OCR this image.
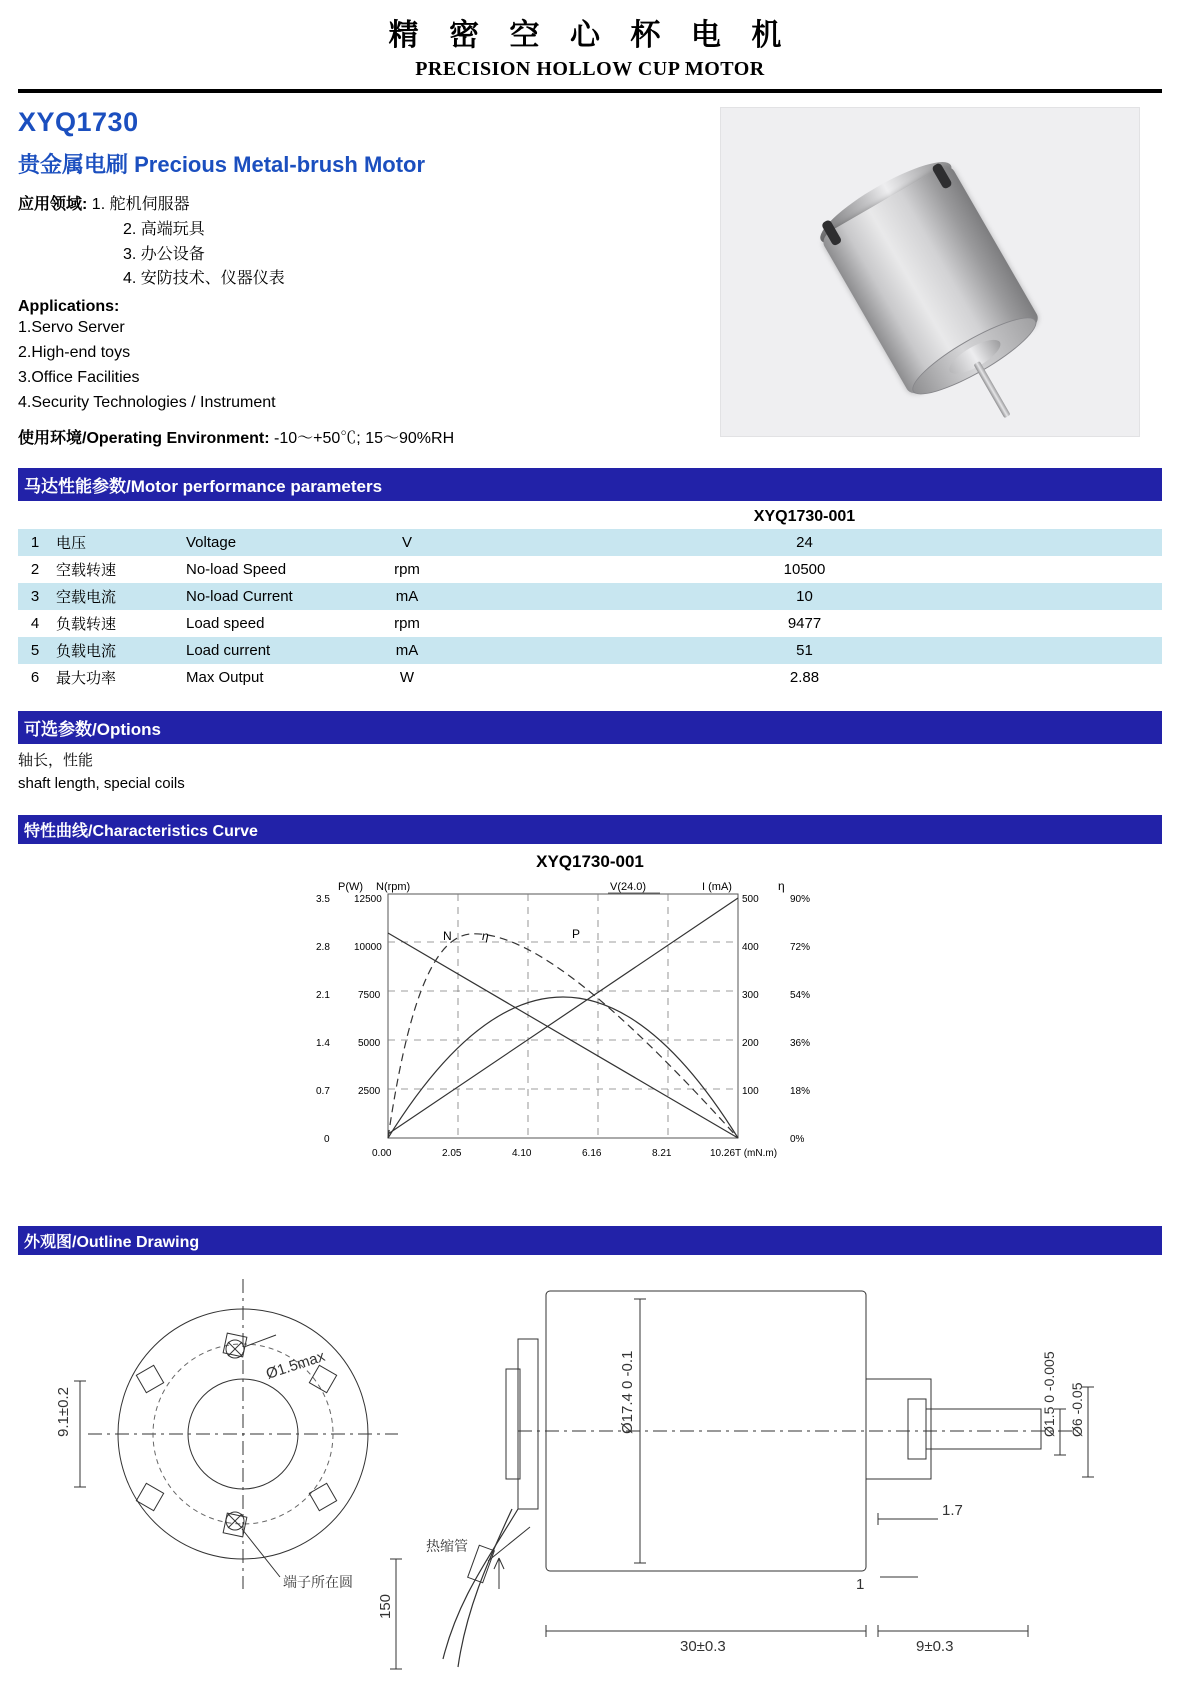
精 密 空 心 杯 电 机
PRECISION HOLLOW CUP MOTOR
XYQ1730
贵金属电刷 Precious Metal-brush Motor
应用领域: 1. 舵机伺服器
2. 高端玩具
3. 办公设备
4. 安防技术、仪器仪表
Applications:
1.Servo Server
2.High-end toys
3.Office Facilities
4.Security Technologies / Instrument
使用环境/Operating Environment: -10～+50℃; 15～90%RH
马达性能参数/Motor performance parameters
				XYQ1730-001
1	电压	Voltage	V	24
2	空载转速	No-load Speed	rpm	10500
3	空载电流	No-load Current	mA	10
4	负载转速	Load speed	rpm	9477
5	负载电流	Load current	mA	51
6	最大功率	Max Output	W	2.88
可选参数/Options
轴长，性能
shaft length, special coils
特性曲线/Characteristics Curve
XYQ1730-001
P(W) N(rpm)	I (mA)	η
3.5
2.8
2.1
1.4
0.7
0
12500
10000
7500
5000
2500
500
400
300
200
100
90%
72%
54%
36%
18%
0%
V(24.0)
N	η	P
0.00	2.05	4.10	6.16	8.21	10.26T (mN.m)
外观图/Outline Drawing
Ø1.5max
9.1±0.2
端子所在圆
Ø17.4 0 -0.1
30±0.3	9±0.3
1.7
1
Ø1.5 0 -0.005 Ø6 -0.05
150
热缩管
